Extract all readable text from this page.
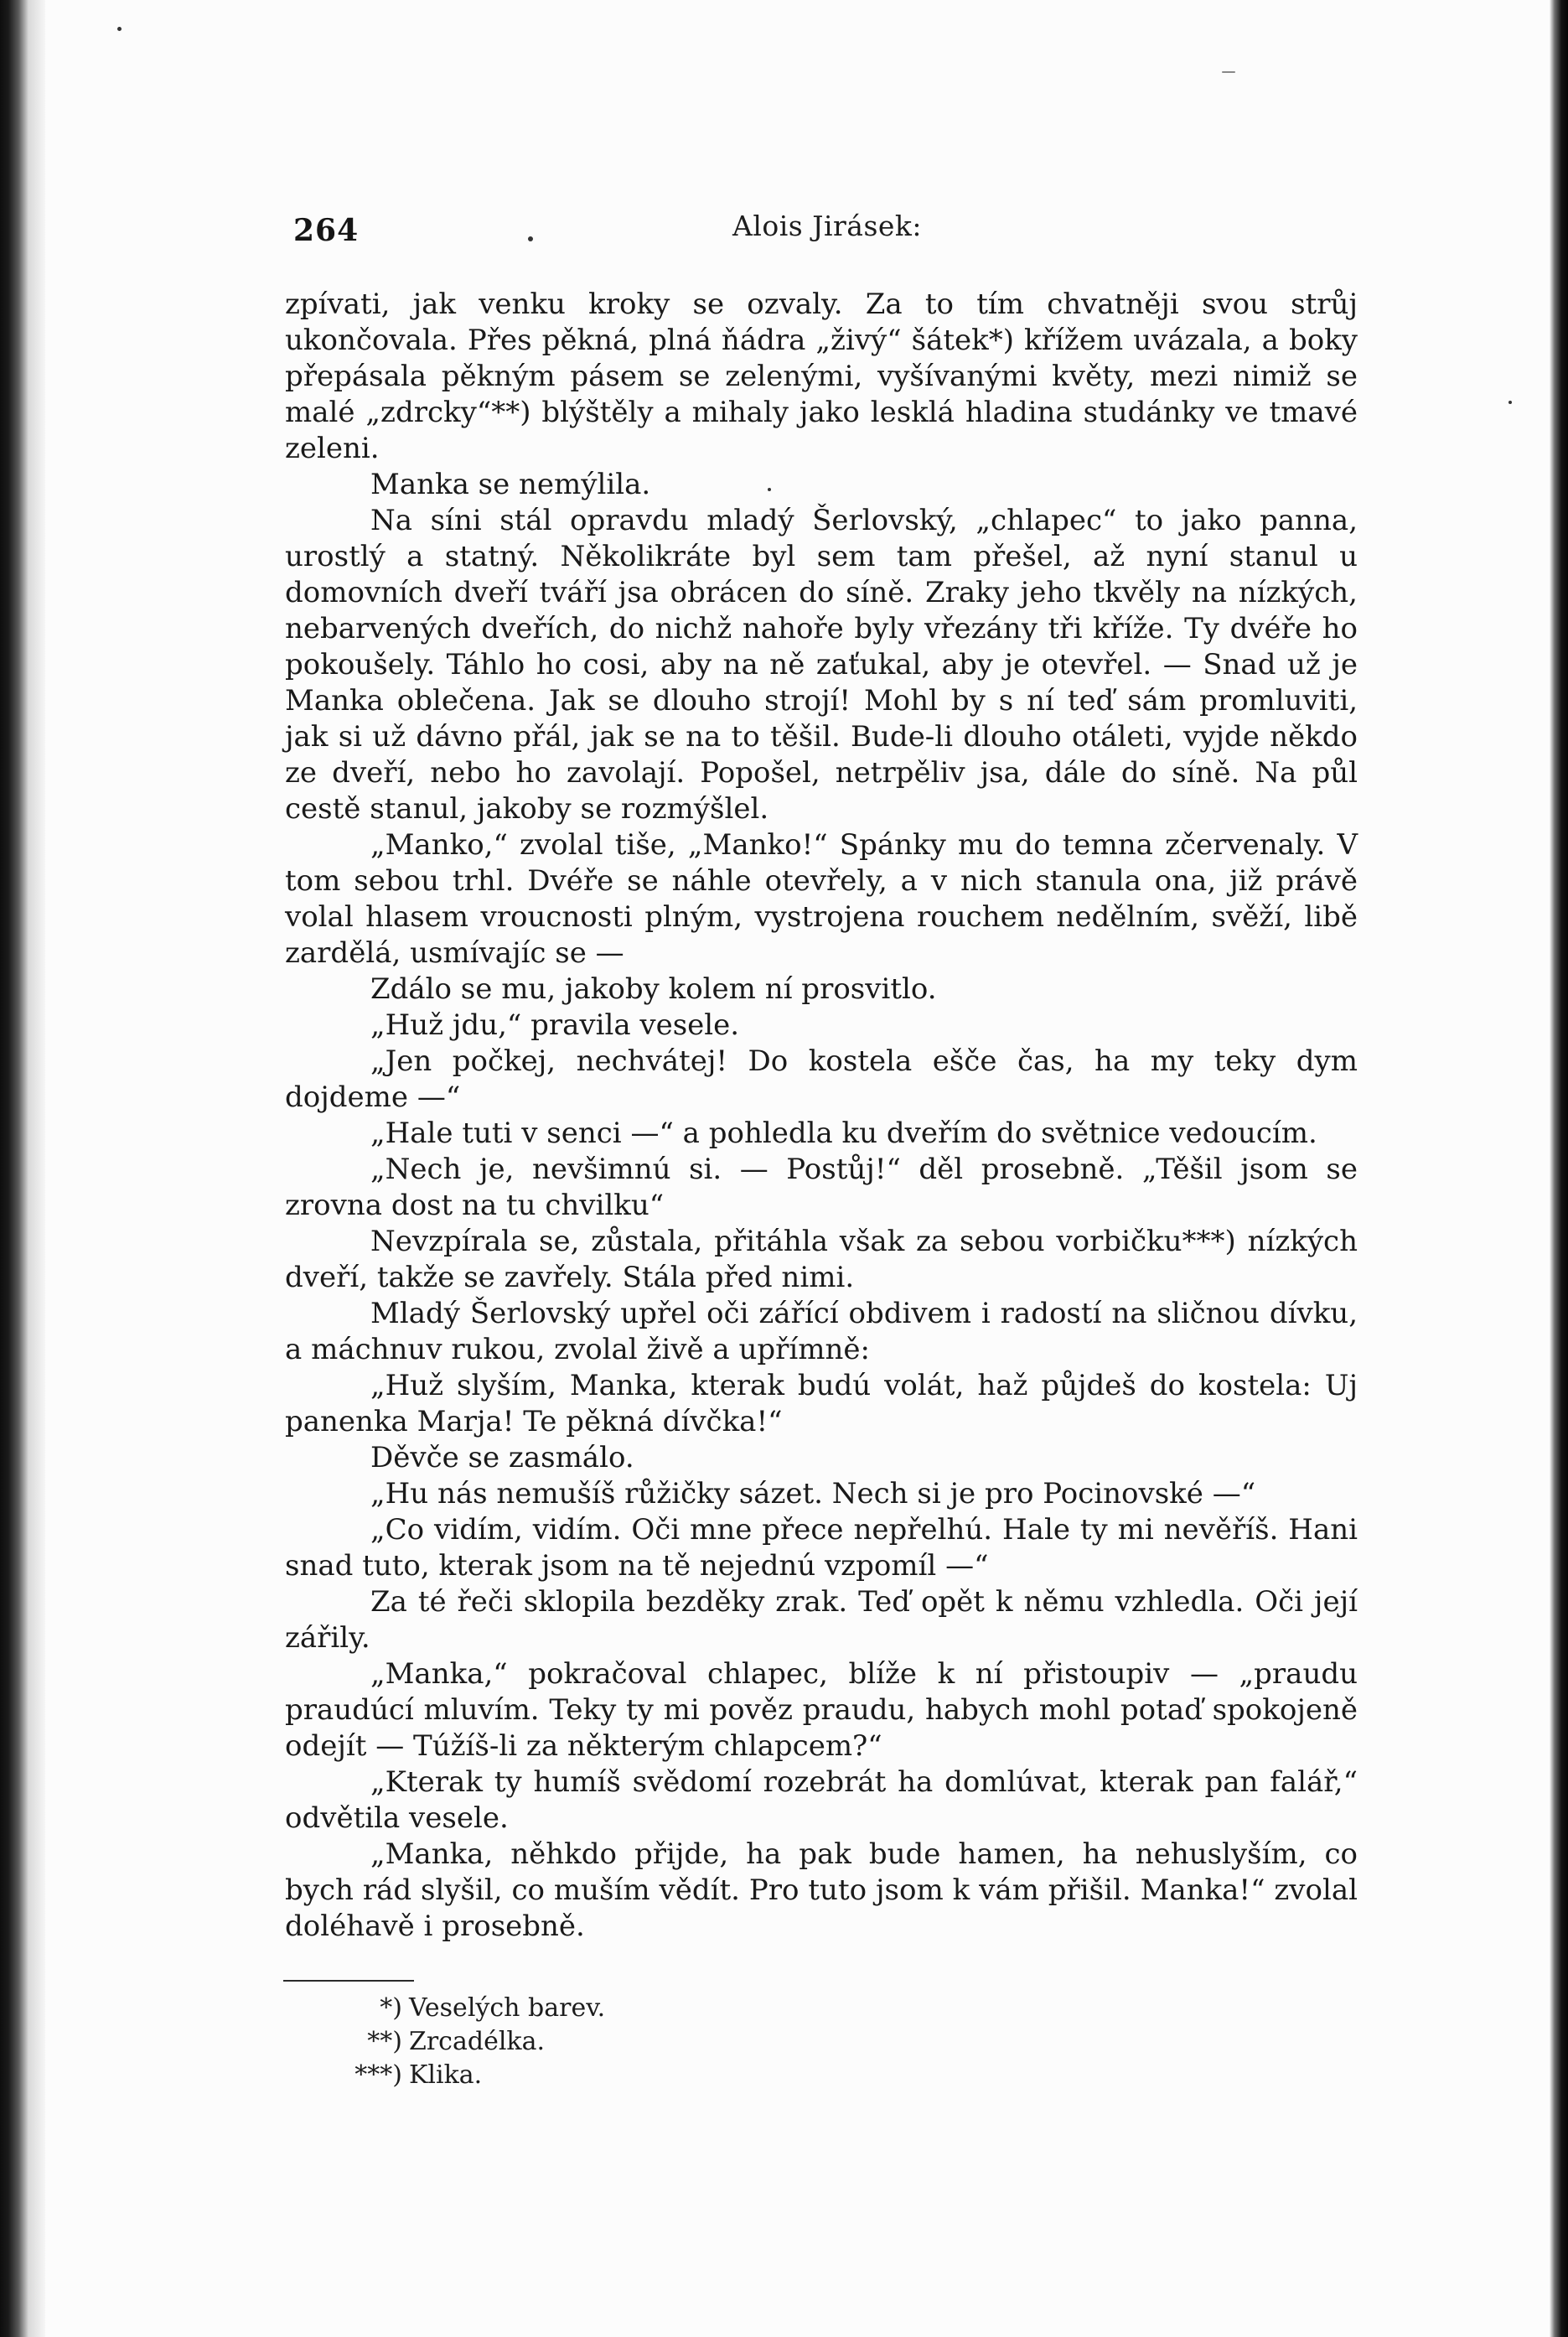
264	Alois Jirásek:

zpívati, jak venku kroky se ozvaly. Za to tím chvatněji svou strůj ukončovala. Přes pěkná, plná ňádra „živý“ šátek*) křížem uvázala, a boky přepásala pěkným pásem se zelenými, vyšívanými květy, mezi nimiž se malé „zdrcky“**) blýštěly a mihaly jako lesklá hladina studánky ve tmavé zeleni.

Manka se nemýlila.

Na síni stál opravdu mladý Šerlovský, „chlapec“ to jako panna, urostlý a statný. Několikráte byl sem tam přešel, až nyní stanul u domovních dveří tváří jsa obrácen do síně. Zraky jeho tkvěly na nízkých, nebarvených dveřích, do nichž nahoře byly vřezány tři kříže. Ty dvéře ho pokoušely. Táhlo ho cosi, aby na ně zaťukal, aby je otevřel. — Snad už je Manka oblečena. Jak se dlouho strojí! Mohl by s ní teď sám promluviti, jak si už dávno přál, jak se na to těšil. Bude-li dlouho otáleti, vyjde někdo ze dveří, nebo ho zavolají. Popošel, netrpěliv jsa, dále do síně. Na půl cestě stanul, jakoby se rozmýšlel.

„Manko,“ zvolal tiše, „Manko!“ Spánky mu do temna zčervenaly. V tom sebou trhl. Dvéře se náhle otevřely, a v nich stanula ona, již právě volal hlasem vroucnosti plným, vystrojena rouchem nedělním, svěží, libě zardělá, usmívajíc se —

Zdálo se mu, jakoby kolem ní prosvitlo.

„Huž jdu,“ pravila vesele.

„Jen počkej, nechvátej! Do kostela ešče čas, ha my teky dym dojdeme —“

„Hale tuti v senci —“ a pohledla ku dveřím do světnice vedoucím.

„Nech je, nevšimnú si. — Postůj!“ děl prosebně. „Těšil jsom se zrovna dost na tu chvilku“

Nevzpírala se, zůstala, přitáhla však za sebou vorbičku***) nízkých dveří, takže se zavřely. Stála před nimi.

Mladý Šerlovský upřel oči zářící obdivem i radostí na sličnou dívku, a máchnuv rukou, zvolal živě a upřímně:

„Huž slyším, Manka, kterak budú volát, haž půjdeš do kostela: Uj panenka Marja! Te pěkná dívčka!“

Děvče se zasmálo.

„Hu nás nemušíš růžičky sázet. Nech si je pro Pocinovské —“

„Co vidím, vidím. Oči mne přece nepřelhú. Hale ty mi nevěříš. Hani snad tuto, kterak jsom na tě nejednú vzpomíl —“

Za té řeči sklopila bezděky zrak. Teď opět k němu vzhledla. Oči její zářily.

„Manka,“ pokračoval chlapec, blíže k ní přistoupiv — „praudu praudúcí mluvím. Teky ty mi pověz praudu, habych mohl potaď spokojeně odejít — Túžíš-li za některým chlapcem?“

„Kterak ty humíš svědomí rozebrát ha domlúvat, kterak pan falář,“ odvětila vesele.

„Manka, něhkdo přijde, ha pak bude hamen, ha nehuslyším, co bych rád slyšil, co muším vědít. Pro tuto jsom k vám přišil. Manka!“ zvolal doléhavě i prosebně.

*) Veselých barev.
**) Zrcadélka.
***) Klika.
